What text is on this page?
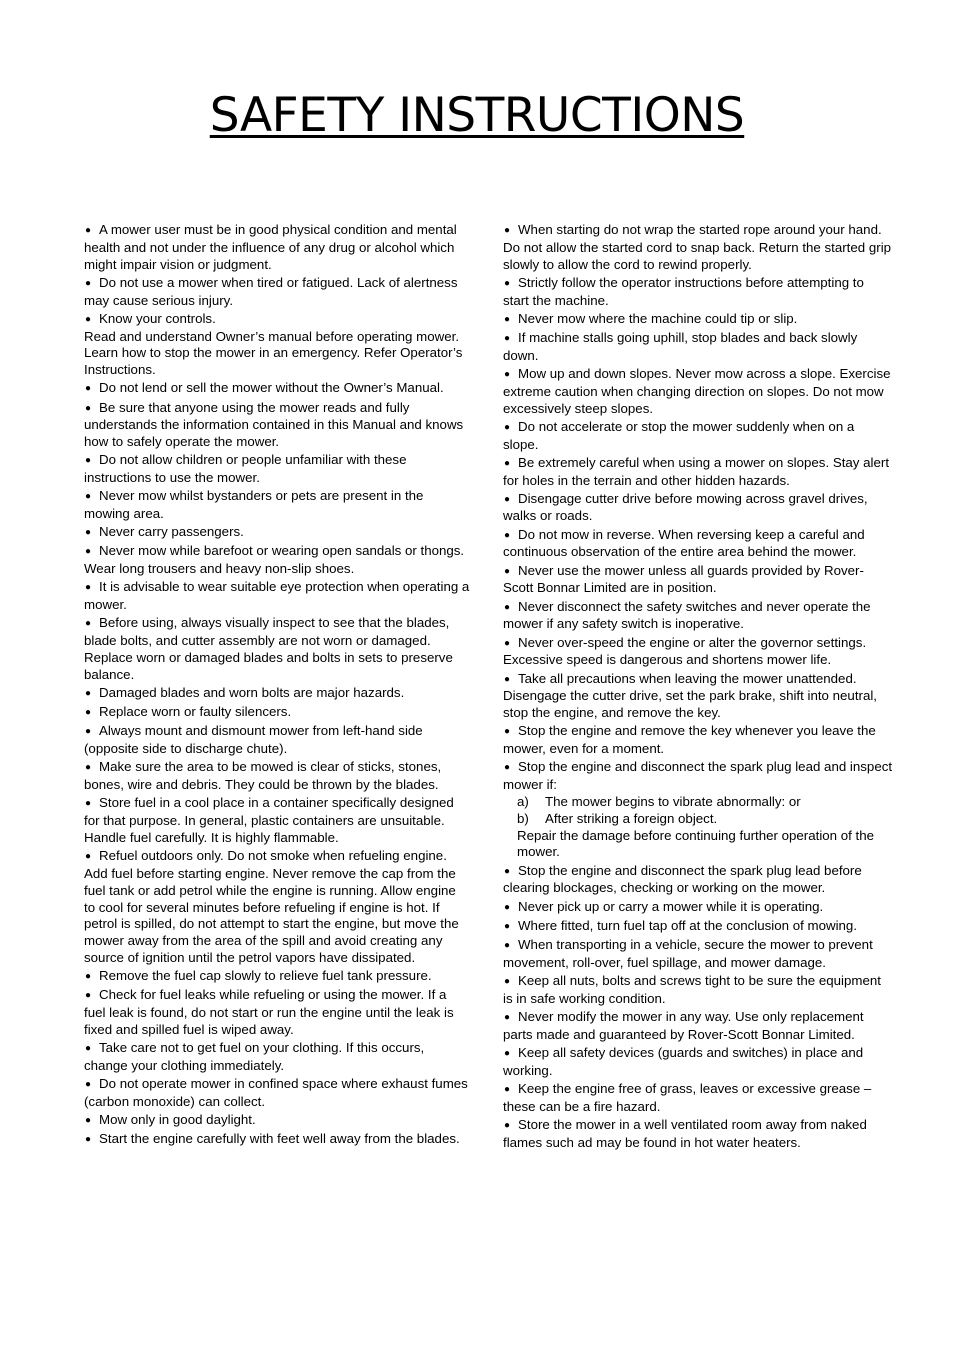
SAFETY INSTRUCTIONS
● A mower user must be in good physical condition and mental health and not under the influence of any drug or alcohol which might impair vision or judgment.
● Do not use a mower when tired or fatigued. Lack of alertness may cause serious injury.
● Know your controls.
Read and understand Owner’s manual before operating mower. Learn how to stop the mower in an emergency. Refer Operator’s Instructions.
● Do not lend or sell the mower without the Owner’s Manual.
● Be sure that anyone using the mower reads and fully understands the information contained in this Manual and knows how to safely operate the mower.
● Do not allow children or people unfamiliar with these instructions to use the mower.
● Never mow whilst bystanders or pets are present in the mowing area.
● Never carry passengers.
● Never mow while barefoot or wearing open sandals or thongs. Wear long trousers and heavy non-slip shoes.
● It is advisable to wear suitable eye protection when operating a mower.
● Before using, always visually inspect to see that the blades, blade bolts, and cutter assembly are not worn or damaged. Replace worn or damaged blades and bolts in sets to preserve balance.
● Damaged blades and worn bolts are major hazards.
● Replace worn or faulty silencers.
● Always mount and dismount mower from left-hand side (opposite side to discharge chute).
● Make sure the area to be mowed is clear of sticks, stones, bones, wire and debris. They could be thrown by the blades.
● Store fuel in a cool place in a container specifically designed for that purpose. In general, plastic containers are unsuitable. Handle fuel carefully. It is highly flammable.
● Refuel outdoors only. Do not smoke when refueling engine. Add fuel before starting engine. Never remove the cap from the fuel tank or add petrol while the engine is running. Allow engine to cool for several minutes before refueling if engine is hot. If petrol is spilled, do not attempt to start the engine, but move the mower away from the area of the spill and avoid creating any source of ignition until the petrol vapors have dissipated.
● Remove the fuel cap slowly to relieve fuel tank pressure.
● Check for fuel leaks while refueling or using the mower. If a fuel leak is found, do not start or run the engine until the leak is fixed and spilled fuel is wiped away.
● Take care not to get fuel on your clothing. If this occurs, change your clothing immediately.
● Do not operate mower in confined space where exhaust fumes (carbon monoxide) can collect.
● Mow only in good daylight.
● Start the engine carefully with feet well away from the blades.
● When starting do not wrap the started rope around your hand. Do not allow the started cord to snap back. Return the started grip slowly to allow the cord to rewind properly.
● Strictly follow the operator instructions before attempting to start the machine.
● Never mow where the machine could tip or slip.
● If machine stalls going uphill, stop blades and back slowly down.
● Mow up and down slopes. Never mow across a slope. Exercise extreme caution when changing direction on slopes. Do not mow excessively steep slopes.
● Do not accelerate or stop the mower suddenly when on a slope.
● Be extremely careful when using a mower on slopes. Stay alert for holes in the terrain and other hidden hazards.
● Disengage cutter drive before mowing across gravel drives, walks or roads.
● Do not mow in reverse. When reversing keep a careful and continuous observation of the entire area behind the mower.
● Never use the mower unless all guards provided by Rover-Scott Bonnar Limited are in position.
● Never disconnect the safety switches and never operate the mower if any safety switch is inoperative.
● Never over-speed the engine or alter the governor settings. Excessive speed is dangerous and shortens mower life.
● Take all precautions when leaving the mower unattended. Disengage the cutter drive, set the park brake, shift into neutral, stop the engine, and remove the key.
● Stop the engine and remove the key whenever you leave the mower, even for a moment.
● Stop the engine and disconnect the spark plug lead and inspect mower if:
a)	The mower begins to vibrate abnormally: or
b)	After striking a foreign object.
Repair the damage before continuing further operation of the mower.
● Stop the engine and disconnect the spark plug lead before clearing blockages, checking or working on the mower.
● Never pick up or carry a mower while it is operating.
● Where fitted, turn fuel tap off at the conclusion of mowing.
● When transporting in a vehicle, secure the mower to prevent movement, roll-over, fuel spillage, and mower damage.
● Keep all nuts, bolts and screws tight to be sure the equipment is in safe working condition.
● Never modify the mower in any way. Use only replacement parts made and guaranteed by Rover-Scott Bonnar Limited.
● Keep all safety devices (guards and switches) in place and working.
● Keep the engine free of grass, leaves or excessive grease – these can be a fire hazard.
● Store the mower in a well ventilated room away from naked flames such ad may be found in hot water heaters.
